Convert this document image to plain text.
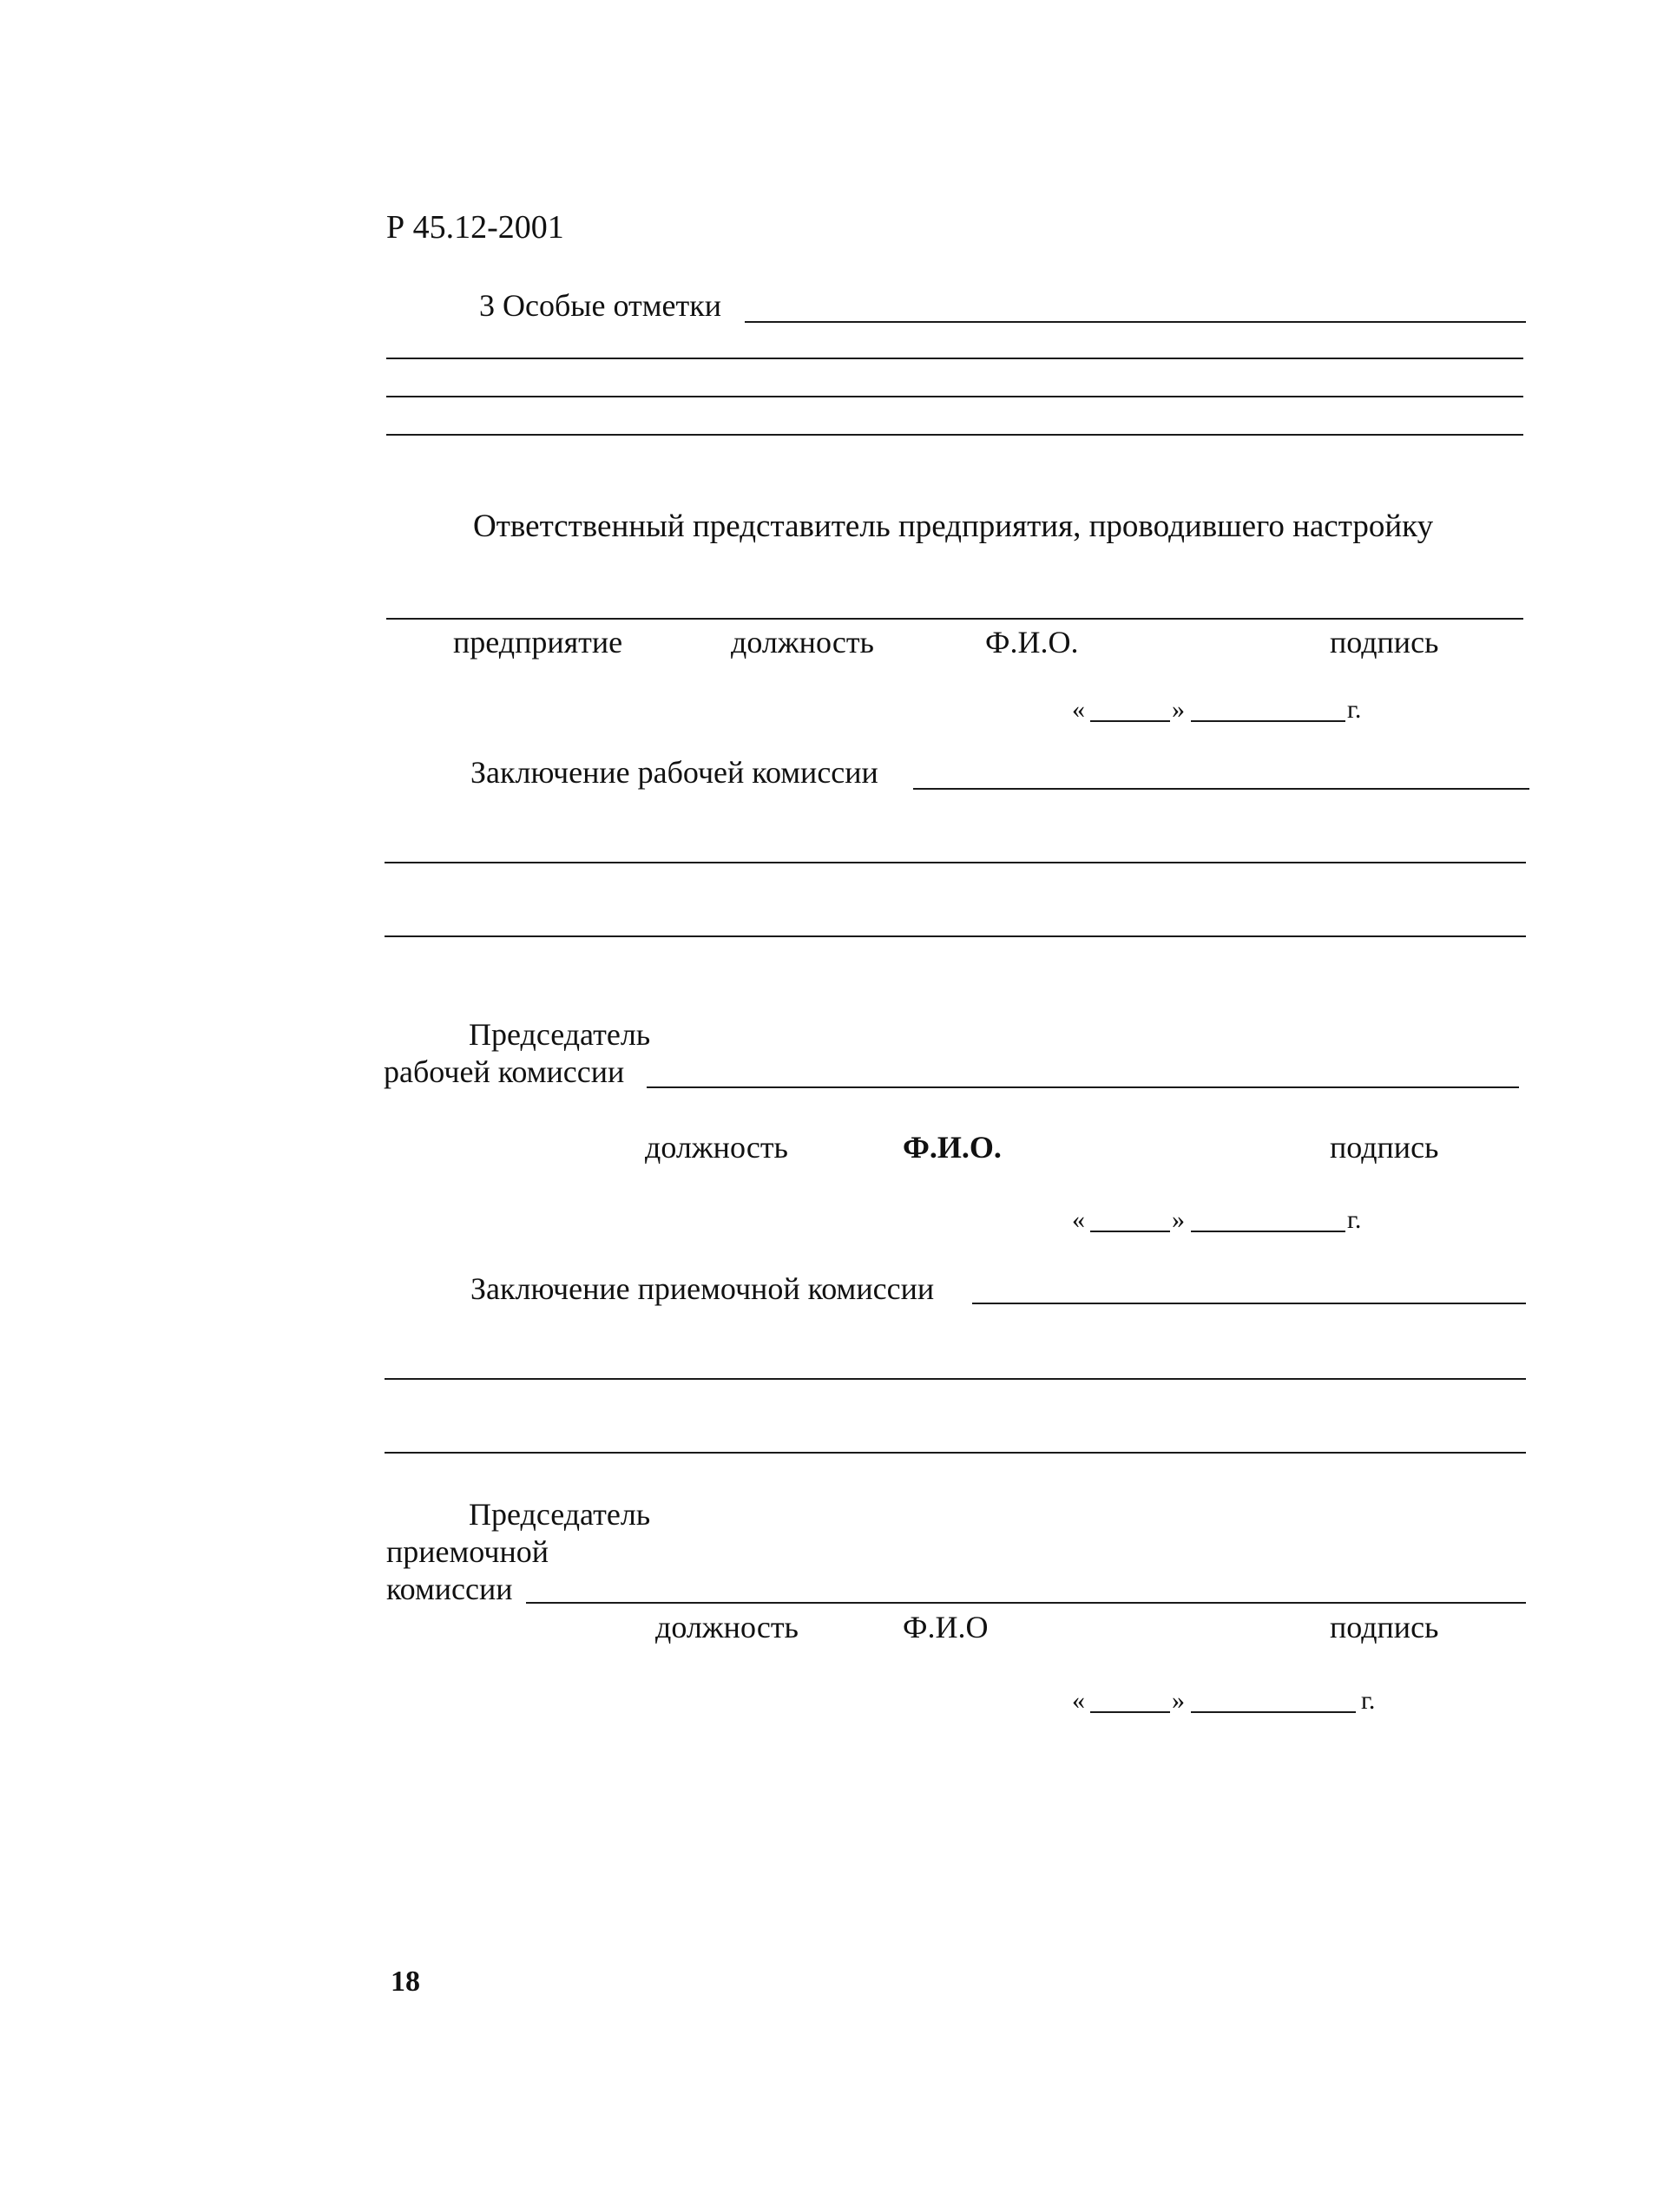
Р 45.12-2001
3 Особые отметки
Ответственный представитель предприятия, проводившего настройку
предприятие	должность	Ф.И.О.	подпись
«	»	г.
Заключение рабочей комиссии
Председатель
рабочей комиссии
должность	Ф.И.О.	подпись
«	»	г.
Заключение приемочной комиссии
Председатель
приемочной
комиссии
должность	Ф.И.О	подпись
«	»	г.
18
